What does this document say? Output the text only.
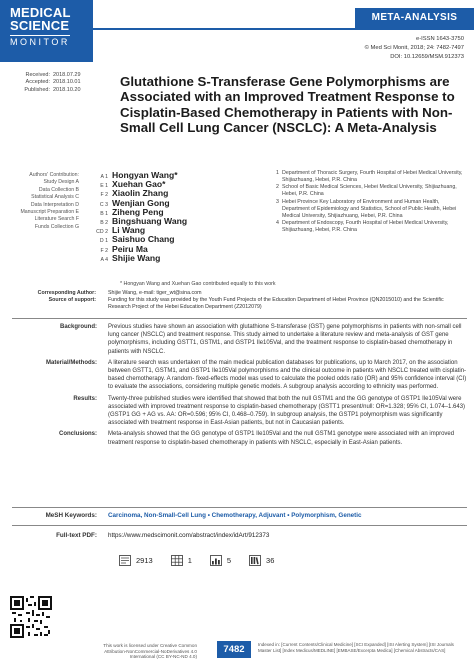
MEDICAL
SCIENCE
MONITOR
META-ANALYSIS
e-ISSN 1643-3750
© Med Sci Monit, 2018; 24: 7482-7497
DOI: 10.12659/MSM.912373
Received: 2018.07.29
Accepted: 2018.10.01
Published: 2018.10.20
Glutathione S-Transferase Gene Polymorphisms are Associated with an Improved Treatment Response to Cisplatin-Based Chemotherapy in Patients with Non-Small Cell Lung Cancer (NSCLC): A Meta-Analysis
Authors' Contribution:
Study Design A
Data Collection B
Statistical Analysis C
Data Interpretation D
Manuscript Preparation E
Literature Search F
Funds Collection G
A 1 Hongyan Wang*
E 1 Xuehan Gao*
F 2 Xiaolin Zhang
C 3 Wenjian Gong
B 1 Ziheng Peng
B 2 Bingshuang Wang
CD 2 Li Wang
D 1 Saishuo Chang
F 2 Peiru Ma
A 4 Shijie Wang
1 Department of Thoracic Surgery, Fourth Hospital of Hebei Medical University, Shijiazhuang, Hebei, P.R. China
2 School of Basic Medical Sciences, Hebei Medical University, Shijiazhuang, Hebei, P.R. China
3 Hebei Province Key Laboratory of Environment and Human Health, Department of Epidemiology and Statistics, School of Public Health, Hebei Medical University, Shijiazhuang, Hebei, P.R. China
4 Department of Endoscopy, Fourth Hospital of Hebei Medical University, Shijiazhuang, Hebei, P.R. China
* Hongyan Wang and Xuehan Gao contributed equally to this work
Corresponding Author:	Shijie Wang, e-mail: tiger_wt@sina.com
Source of support:	Funding for this study was provided by the Youth Fund Projects of the Education Department of Hebei Province (QN2015010) and the Scientific Research Project of the Hebei Education Department (Z2012079)
Background:	Previous studies have shown an association with glutathione S-transferase (GST) gene polymorphisms in patients with non-small cell lung cancer (NSCLC) and treatment response. This study aimed to undertake a literature review and meta-analysis of GST gene polymorphisms, including GSTT1, GSTM1, and GSTP1 Ile105Val, and the treatment response to cisplatin-based chemotherapy in patients with NSCLC.
Material/Methods:	A literature search was undertaken of the main medical publication databases for publications, up to March 2017, on the association between GSTT1, GSTM1, and GSTP1 Ile105Val polymorphisms and the clinical outcome in patients with NSCLC treated with cisplatin-based chemotherapy. A random- fixed-effects model was used to calculate the pooled odds ratio (OR) and 95% confidence interval (CI) to evaluate the associations, considering multiple genetic models. A subgroup analysis according to ethnicity was performed.
Results:	Twenty-three published studies were identified that showed that both the null GSTM1 and the GG genotype of GSTP1 Ile105Val were associated with improved treatment response to cisplatin-based chemotherapy (GSTT1 present/null: OR=1.328; 95% CI, 1.074–1.643) (GSTP1 GG + AG vs. AA: OR=0.596; 95% CI, 0.468–0.759). In subgroup analysis, the GSTP1 polymorphism was significantly associated with treatment response in East-Asian patients, but not in Caucasian patients.
Conclusions:	Meta-analysis showed that the GG genotype of GSTP1 Ile105Val and the null GSTM1 genotype were associated with an improved treatment response to cisplatin-based chemotherapy in patients with NSCLC, especially in East-Asian patients.
MeSH Keywords:	Carcinoma, Non-Small-Cell Lung • Chemotherapy, Adjuvant • Polymorphism, Genetic
Full-text PDF:	https://www.medscimonit.com/abstract/index/idArt/912373
2913	1	5	36
This work is licensed under Creative Common Attribution-NonCommercial-NoDerivatives 4.0 International (CC BY-NC-ND 4.0)
7482	Indexed in: [Current Contents/Clinical Medicine] [SCI Expanded] [ISI Alerting System] [ISI Journals Master List] [Index Medicus/MEDLINE] [EMBASE/Excerpta Medica] [Chemical Abstracts/CAS]
